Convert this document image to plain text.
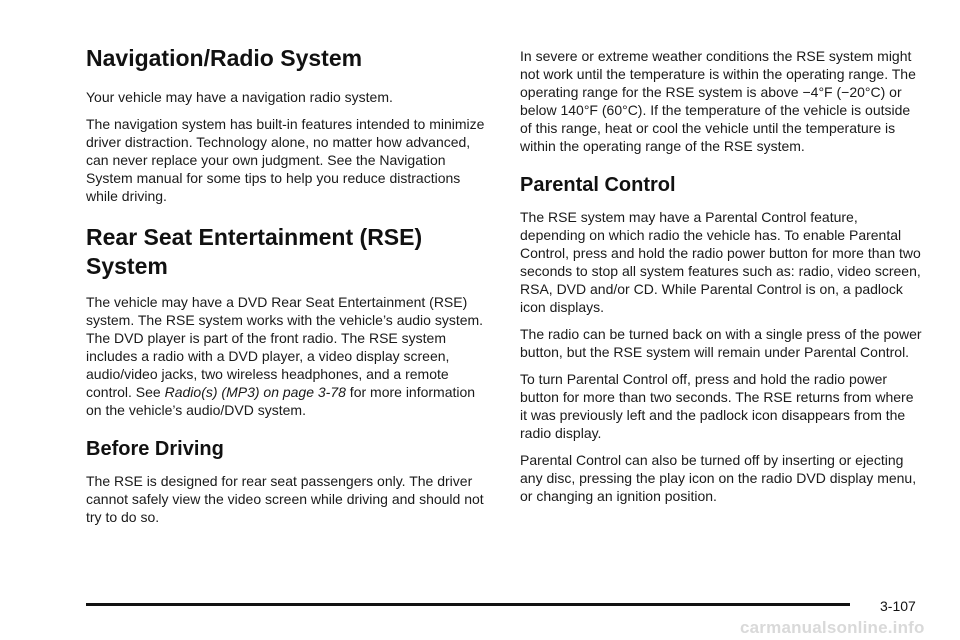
Navigation/Radio System

Your vehicle may have a navigation radio system.

The navigation system has built-in features intended to minimize driver distraction. Technology alone, no matter how advanced, can never replace your own judgment. See the Navigation System manual for some tips to help you reduce distractions while driving.

Rear Seat Entertainment (RSE)
System

The vehicle may have a DVD Rear Seat Entertainment (RSE) system. The RSE system works with the vehicle’s audio system. The DVD player is part of the front radio. The RSE system includes a radio with a DVD player, a video display screen, audio/video jacks, two wireless headphones, and a remote control. See Radio(s) (MP3) on page 3-78 for more information on the vehicle’s audio/DVD system.

Before Driving

The RSE is designed for rear seat passengers only. The driver cannot safely view the video screen while driving and should not try to do so.

In severe or extreme weather conditions the RSE system might not work until the temperature is within the operating range. The operating range for the RSE system is above −4°F (−20°C) or below 140°F (60°C). If the temperature of the vehicle is outside of this range, heat or cool the vehicle until the temperature is within the operating range of the RSE system.

Parental Control

The RSE system may have a Parental Control feature, depending on which radio the vehicle has. To enable Parental Control, press and hold the radio power button for more than two seconds to stop all system features such as: radio, video screen, RSA, DVD and/or CD. While Parental Control is on, a padlock icon displays.

The radio can be turned back on with a single press of the power button, but the RSE system will remain under Parental Control.

To turn Parental Control off, press and hold the radio power button for more than two seconds. The RSE returns from where it was previously left and the padlock icon disappears from the radio display.

Parental Control can also be turned off by inserting or ejecting any disc, pressing the play icon on the radio DVD display menu, or changing an ignition position.

3-107
carmanualsonline.info
